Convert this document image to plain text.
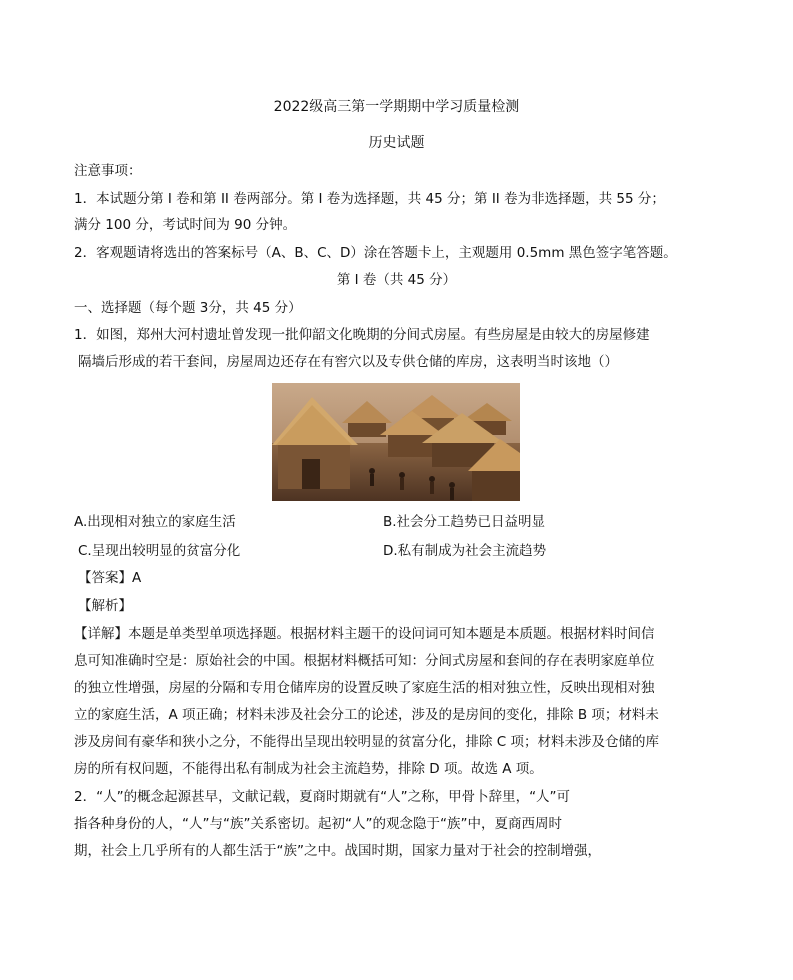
2022级高三第一学期期中学习质量检测
历史试题
注意事项：
1．本试题分第 I 卷和第 II 卷两部分。第 I 卷为选择题，共 45 分；第 II 卷为非选择题，共 55 分；
满分 100 分，考试时间为 90 分钟。
2．客观题请将选出的答案标号（A、B、C、D）涂在答题卡上，主观题用 0.5mm 黑色签字笔答题。
第 I 卷（共 45 分）
一、选择题（每个题 3分，共 45 分）
1．如图，郑州大河村遗址曾发现一批仰韶文化晚期的分间式房屋。有些房屋是由较大的房屋修建
隔墙后形成的若干套间，房屋周边还存在有窖穴以及专供仓储的库房，这表明当时该地（）
A.出现相对独立的家庭生活	B.社会分工趋势已日益明显
C.呈现出较明显的贫富分化	D.私有制成为社会主流趋势
【答案】A
【解析】
【详解】本题是单类型单项选择题。根据材料主题干的设问词可知本题是本质题。根据材料时间信
息可知准确时空是：原始社会的中国。根据材料概括可知：分间式房屋和套间的存在表明家庭单位
的独立性增强，房屋的分隔和专用仓储库房的设置反映了家庭生活的相对独立性，反映出现相对独
立的家庭生活，A 项正确；材料未涉及社会分工的论述，涉及的是房间的变化，排除 B 项；材料未
涉及房间有豪华和狭小之分，不能得出呈现出较明显的贫富分化，排除 C 项；材料未涉及仓储的库
房的所有权问题，不能得出私有制成为社会主流趋势，排除 D 项。故选 A 项。
2．“人”的概念起源甚早，文献记载，夏商时期就有“人”之称，甲骨卜辞里，“人”可
指各种身份的人，“人”与“族”关系密切。起初“人”的观念隐于“族”中，夏商西周时
期，社会上几乎所有的人都生活于“族”之中。战国时期，国家力量对于社会的控制增强，
